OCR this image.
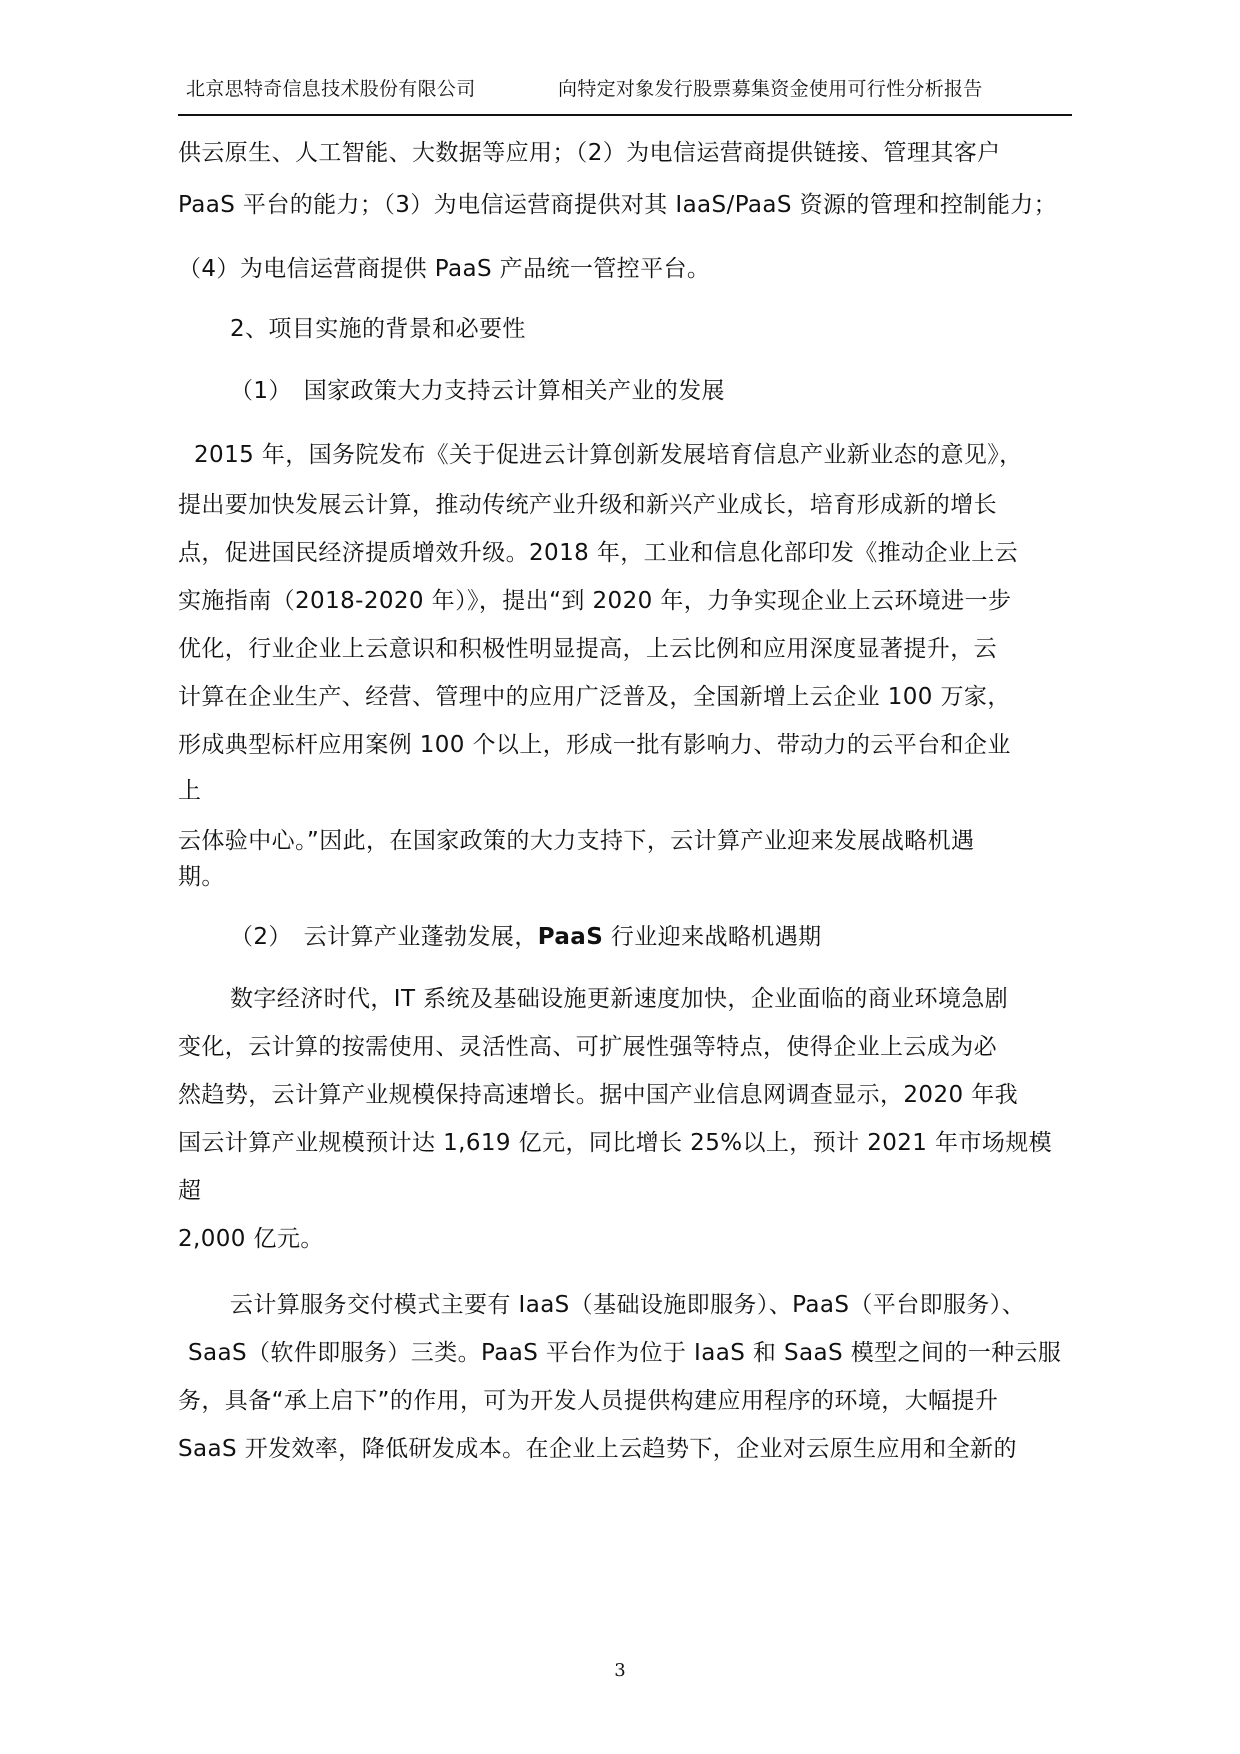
北京思特奇信息技术股份有限公司	向特定对象发行股票募集资金使用可行性分析报告
供云原生、人工智能、大数据等应用；（2）为电信运营商提供链接、管理其客户
PaaS 平台的能力；（3）为电信运营商提供对其 IaaS/PaaS 资源的管理和控制能力；
（4）为电信运营商提供 PaaS 产品统一管控平台。
2、项目实施的背景和必要性
（1）　国家政策大力支持云计算相关产业的发展
2015 年，国务院发布《关于促进云计算创新发展培育信息产业新业态的意见》，
提出要加快发展云计算，推动传统产业升级和新兴产业成长，培育形成新的增长
点，促进国民经济提质增效升级。2018 年，工业和信息化部印发《推动企业上云
实施指南（2018-2020 年）》，提出“到 2020 年，力争实现企业上云环境进一步
优化，行业企业上云意识和积极性明显提高，上云比例和应用深度显著提升，云
计算在企业生产、经营、管理中的应用广泛普及，全国新增上云企业 100 万家，
形成典型标杆应用案例 100 个以上，形成一批有影响力、带动力的云平台和企业
上
云体验中心。”因此，在国家政策的大力支持下，云计算产业迎来发展战略机遇
期。
（2）　云计算产业蓬勃发展，PaaS 行业迎来战略机遇期
数字经济时代，IT 系统及基础设施更新速度加快，企业面临的商业环境急剧
变化，云计算的按需使用、灵活性高、可扩展性强等特点，使得企业上云成为必
然趋势，云计算产业规模保持高速增长。据中国产业信息网调查显示，2020 年我
国云计算产业规模预计达 1,619 亿元，同比增长 25%以上，预计 2021 年市场规模
超
2,000 亿元。
云计算服务交付模式主要有 IaaS（基础设施即服务）、PaaS（平台即服务）、
SaaS（软件即服务）三类。PaaS 平台作为位于 IaaS 和 SaaS 模型之间的一种云服
务，具备“承上启下”的作用，可为开发人员提供构建应用程序的环境，大幅提升
SaaS 开发效率，降低研发成本。在企业上云趋势下，企业对云原生应用和全新的
3
